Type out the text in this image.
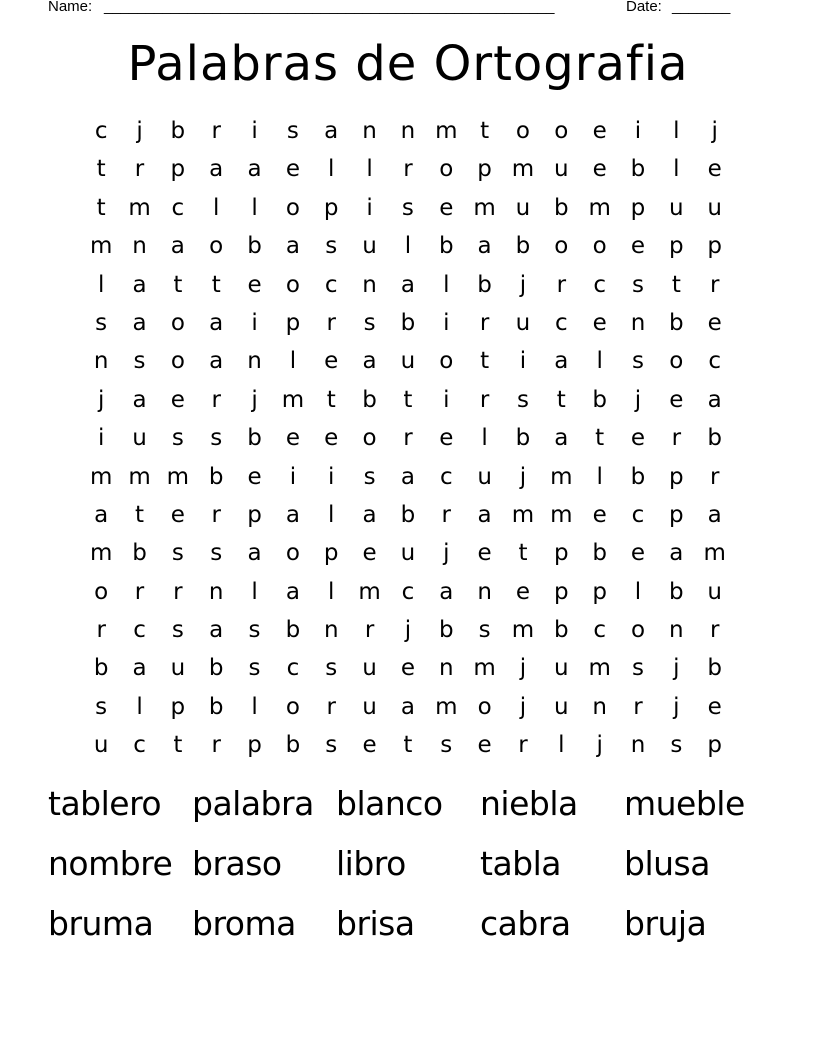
Name: ______________________________________________________	Date: _______
Palabras de Ortografia
c	j	b	r	i	s	a	n	n m t	o	o	e	i	l	j
t	r	p	a	a	e	l	l	r	o	p m u	e	b	l	e
t m c	l	l	o	p	i	s	e m u	b m p	u	u
m n	a	o	b	a	s	u	l	b	a	b	o	o	e	p	p
l	a	t	t	e	o	c	n	a	l	b	j	r	c	s	t	r
s	a	o	a	i	p	r	s	b	i	r	u	c	e	n	b	e
n	s	o	a	n	l	e	a	u	o	t	i	a	l	s	o	c
j	a	e	r	j	m t	b	t	i	r	s	t	b	j	e	a
i	u	s	s	b	e	e	o	r	e	l	b	a	t	e	r	b
m m m b	e	i	i	s	a	c	u	j	m	l	b	p	r
a	t	e	r	p	a	l	a	b	r	a m m e	c	p	a
m b	s	s	a	o	p	e	u	j	e	t	p	b	e	a m
o	r	r	n	l	a	l	m c	a	n	e	p	p	l	b	u
r	c	s	a	s	b	n	r	j	b	s m b	c	o	n	r
b	a	u	b	s	c	s	u	e	n m	j	u m s	j	b
s	l	p	b	l	o	r	u	a m o	j	u	n	r	j	e
u	c	t	r	p	b	s	e	t	s	e	r	l	j	n	s	p
tablero palabra blanco	niebla	mueble
nombre braso	libro	tabla	blusa
bruma	broma	brisa	cabra	bruja
